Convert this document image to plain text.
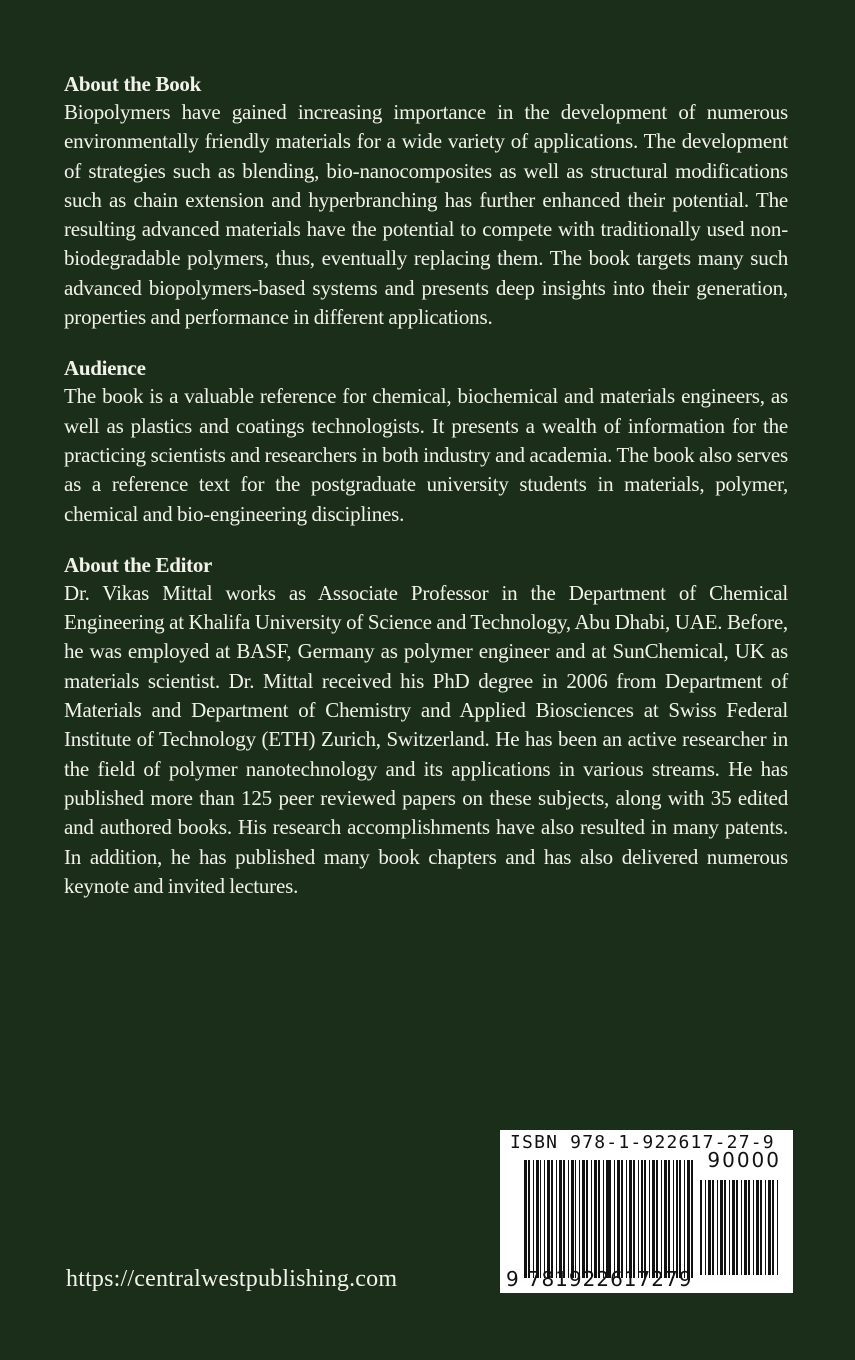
About the Book

Biopolymers have gained increasing importance in the development of numerous environmentally friendly materials for a wide variety of applications. The development of strategies such as blending, bio-nanocomposites as well as structural modifications such as chain extension and hyperbranching has further enhanced their potential. The resulting advanced materials have the potential to compete with traditionally used non-biodegradable polymers, thus, eventually replacing them. The book targets many such advanced biopolymers-based systems and presents deep insights into their generation, properties and performance in different applications.

Audience

The book is a valuable reference for chemical, biochemical and materials engineers, as well as plastics and coatings technologists. It presents a wealth of information for the practicing scientists and researchers in both industry and academia. The book also serves as a reference text for the postgraduate university students in materials, polymer, chemical and bio-engineering disciplines.

About the Editor

Dr. Vikas Mittal works as Associate Professor in the Department of Chemical Engineering at Khalifa University of Science and Technology, Abu Dhabi, UAE. Before, he was employed at BASF, Germany as polymer engineer and at SunChemical, UK as materials scientist. Dr. Mittal received his PhD degree in 2006 from Department of Materials and Department of Chemistry and Applied Biosciences at Swiss Federal Institute of Technology (ETH) Zurich, Switzerland. He has been an active researcher in the field of polymer nanotechnology and its applications in various streams. He has published more than 125 peer reviewed papers on these subjects, along with 35 edited and authored books. His research accomplishments have also resulted in many patents. In addition, he has published many book chapters and has also delivered numerous keynote and invited lectures.

https://centralwestpublishing.com
ISBN 978-1-922617-27-9
90000
9 781922617279
